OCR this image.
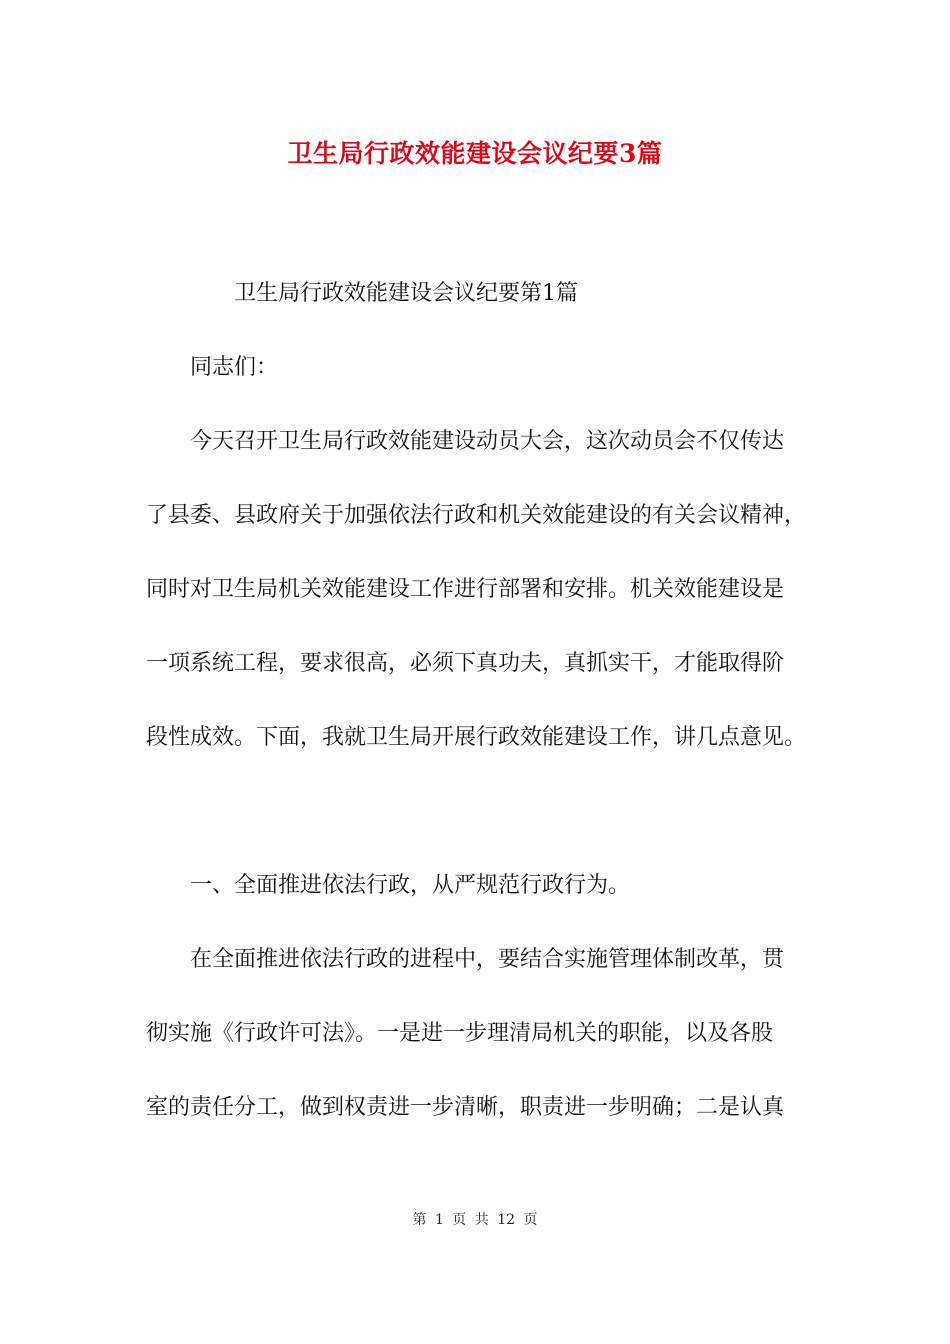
卫生局行政效能建设会议纪要3篇
卫生局行政效能建设会议纪要第1篇
同志们：
今天召开卫生局行政效能建设动员大会，这次动员会不仅传达
了县委、县政府关于加强依法行政和机关效能建设的有关会议精神，
同时对卫生局机关效能建设工作进行部署和安排。机关效能建设是
一项系统工程，要求很高，必须下真功夫，真抓实干，才能取得阶
段性成效。下面，我就卫生局开展行政效能建设工作，讲几点意见。
一、全面推进依法行政，从严规范行政行为。
在全面推进依法行政的进程中，要结合实施管理体制改革，贯
彻实施《行政许可法》。一是进一步理清局机关的职能，以及各股
室的责任分工，做到权责进一步清晰，职责进一步明确；二是认真
第 1 页 共 12 页
